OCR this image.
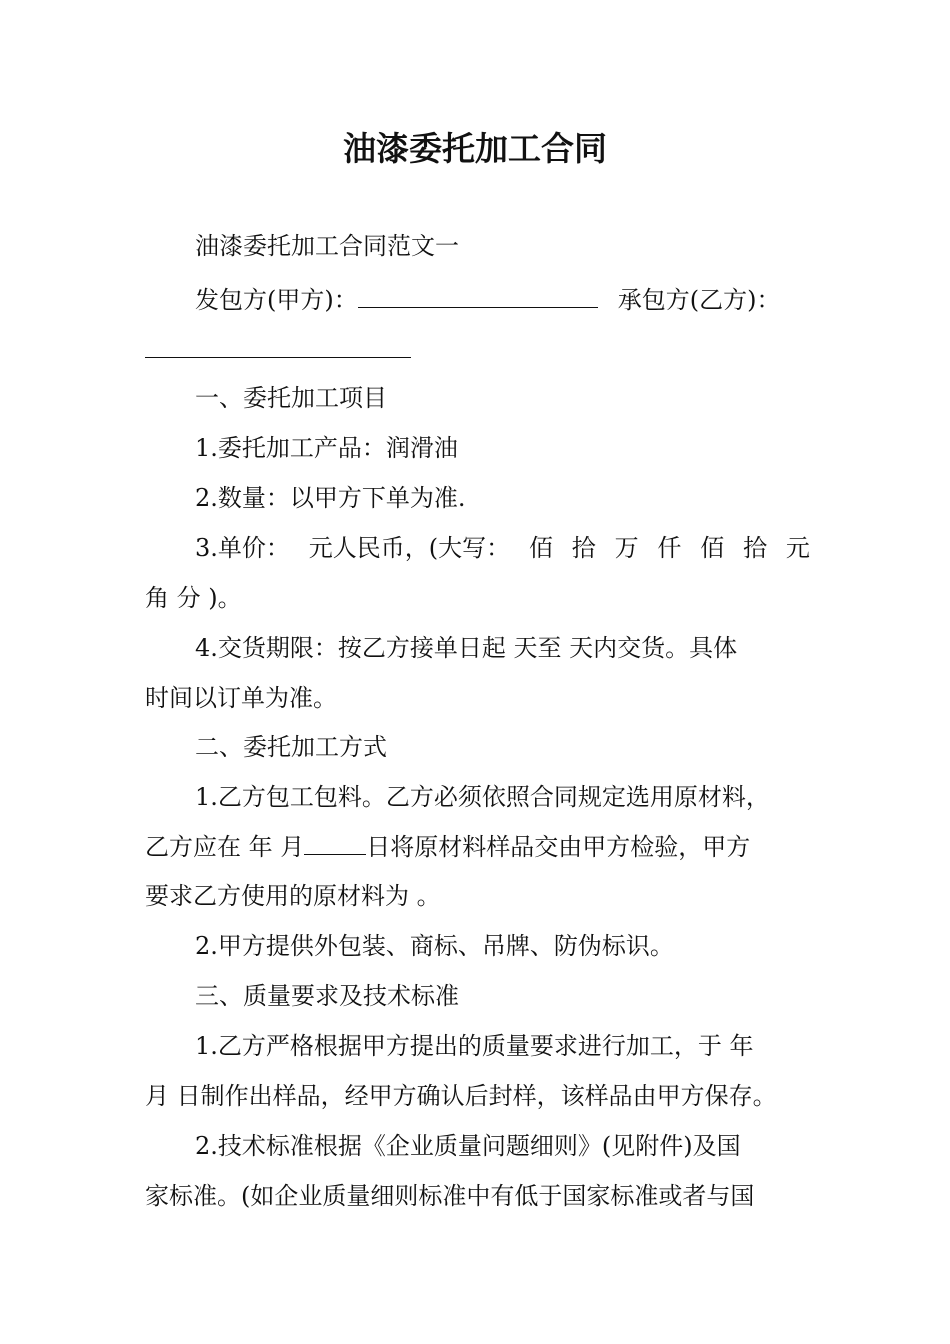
油漆委托加工合同

油漆委托加工合同范文一

发包方(甲方)：	承包方(乙方)：

一、委托加工项目

1.委托加工产品：润滑油

2.数量：以甲方下单为准.

3.单价： 元人民币，(大写： 佰 拾 万 仟 佰 拾 元

角 分 )。

4.交货期限：按乙方接单日起 天至 天内交货。具体

时间以订单为准。

二、委托加工方式

1.乙方包工包料。乙方必须依照合同规定选用原材料，

乙方应在 年 月	日将原材料样品交由甲方检验，甲方

要求乙方使用的原材料为 。

2.甲方提供外包装、商标、吊牌、防伪标识。

三、质量要求及技术标准

1.乙方严格根据甲方提出的质量要求进行加工，于 年

月 日制作出样品，经甲方确认后封样，该样品由甲方保存。

2.技术标准根据《企业质量问题细则》(见附件)及国

家标准。(如企业质量细则标准中有低于国家标准或者与国
